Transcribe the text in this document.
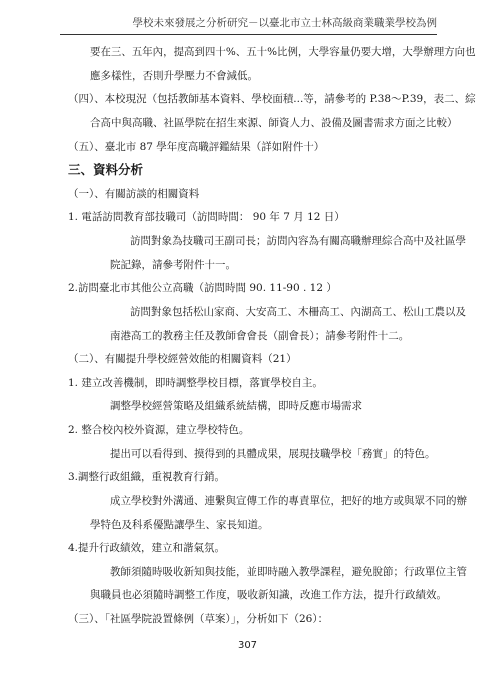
學校未來發展之分析研究－以臺北市立士林高級商業職業學校為例
要在三、五年內，提高到四十%、五十%比例，大學容量仍要大增，大學辦理方向也
應多樣性，否則升學壓力不會減低。
（四）、本校現況（包括教師基本資料、學校面積...等，請參考的 P.38～P.39，表二、綜
合高中與高職、社區學院在招生來源、師資人力、設備及圖書需求方面之比較）
（五）、臺北市 87 學年度高職評鑑結果（詳如附件十）
三、資料分析
（一）、有關訪談的相關資料
1. 電話訪問教育部技職司（訪問時間： 90 年 7 月 12 日）
訪問對象為技職司王副司長；訪問內容為有關高職辦理綜合高中及社區學
院記錄，請參考附件十一。
2.訪問臺北市其他公立高職（訪問時間 90. 11-90 . 12 ）
訪問對象包括松山家商、大安高工、木柵高工、內湖高工、松山工農以及
南港高工的教務主任及教師會會長（副會長）；請參考附件十二。
（二）、有關提升學校經營效能的相關資料（21）
1. 建立改善機制，即時調整學校目標，落實學校自主。
調整學校經營策略及組織系統結構，即時反應市場需求
2. 整合校內校外資源，建立學校特色。
提出可以看得到、摸得到的具體成果，展現技職學校「務實」的特色。
3.調整行政組織，重視教育行銷。
成立學校對外溝通、連繫與宣傳工作的專責單位，把好的地方或與眾不同的辦
學特色及科系優點讓學生、家長知道。
4.提升行政績效，建立和諧氣氛。
教師須隨時吸收新知與技能，並即時融入教學課程，避免脫節；行政單位主管
與職員也必須隨時調整工作度，吸收新知識，改進工作方法，提升行政績效。
（三）、「社區學院設置條例（草案）」，分析如下（26）：
307
